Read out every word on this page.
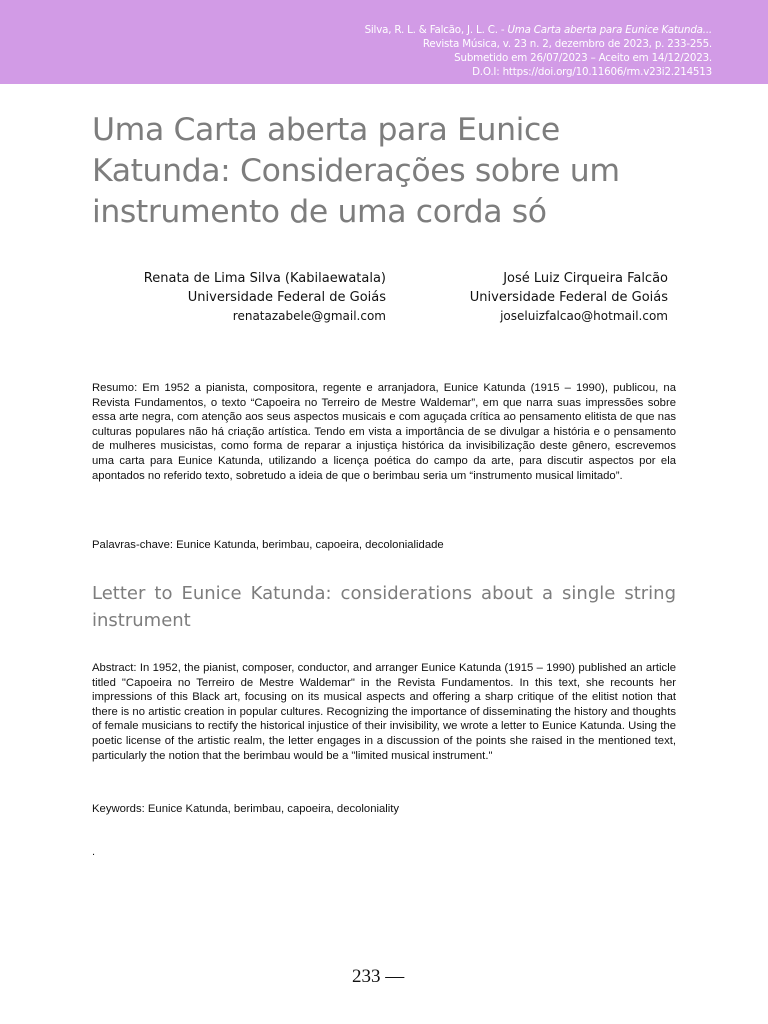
Silva, R. L. & Falcão, J. L. C. - Uma Carta aberta para Eunice Katunda...
Revista Música, v. 23 n. 2, dezembro de 2023, p. 233-255.
Submetido em 26/07/2023 – Aceito em 14/12/2023.
D.O.I: https://doi.org/10.11606/rm.v23i2.214513
Uma Carta aberta para Eunice Katunda: Considerações sobre um instrumento de uma corda só
Renata de Lima Silva (Kabilaewatala)
Universidade Federal de Goiás
renatazabele@gmail.com
José Luiz Cirqueira Falcão
Universidade Federal de Goiás
joseluizfalcao@hotmail.com

Resumo: Em 1952 a pianista, compositora, regente e arranjadora, Eunice Katunda (1915 – 1990), publicou, na Revista Fundamentos, o texto “Capoeira no Terreiro de Mestre Waldemar”, em que narra suas impressões sobre essa arte negra, com atenção aos seus aspectos musicais e com aguçada crítica ao pensamento elitista de que nas culturas populares não há criação artística. Tendo em vista a importância de se divulgar a história e o pensamento de mulheres musicistas, como forma de reparar a injustiça histórica da invisibilização deste gênero, escrevemos uma carta para Eunice Katunda, utilizando a licença poética do campo da arte, para discutir aspectos por ela apontados no referido texto, sobretudo a ideia de que o berimbau seria um “instrumento musical limitado”.

Palavras-chave: Eunice Katunda, berimbau, capoeira, decolonialidade

Letter to Eunice Katunda: considerations about a single string instrument

Abstract: In 1952, the pianist, composer, conductor, and arranger Eunice Katunda (1915 – 1990) published an article titled "Capoeira no Terreiro de Mestre Waldemar" in the Revista Fundamentos. In this text, she recounts her impressions of this Black art, focusing on its musical aspects and offering a sharp critique of the elitist notion that there is no artistic creation in popular cultures. Recognizing the importance of disseminating the history and thoughts of female musicians to rectify the historical injustice of their invisibility, we wrote a letter to Eunice Katunda. Using the poetic license of the artistic realm, the letter engages in a discussion of the points she raised in the mentioned text, particularly the notion that the berimbau would be a "limited musical instrument."

Keywords: Eunice Katunda, berimbau, capoeira, decoloniality

.
233 —
